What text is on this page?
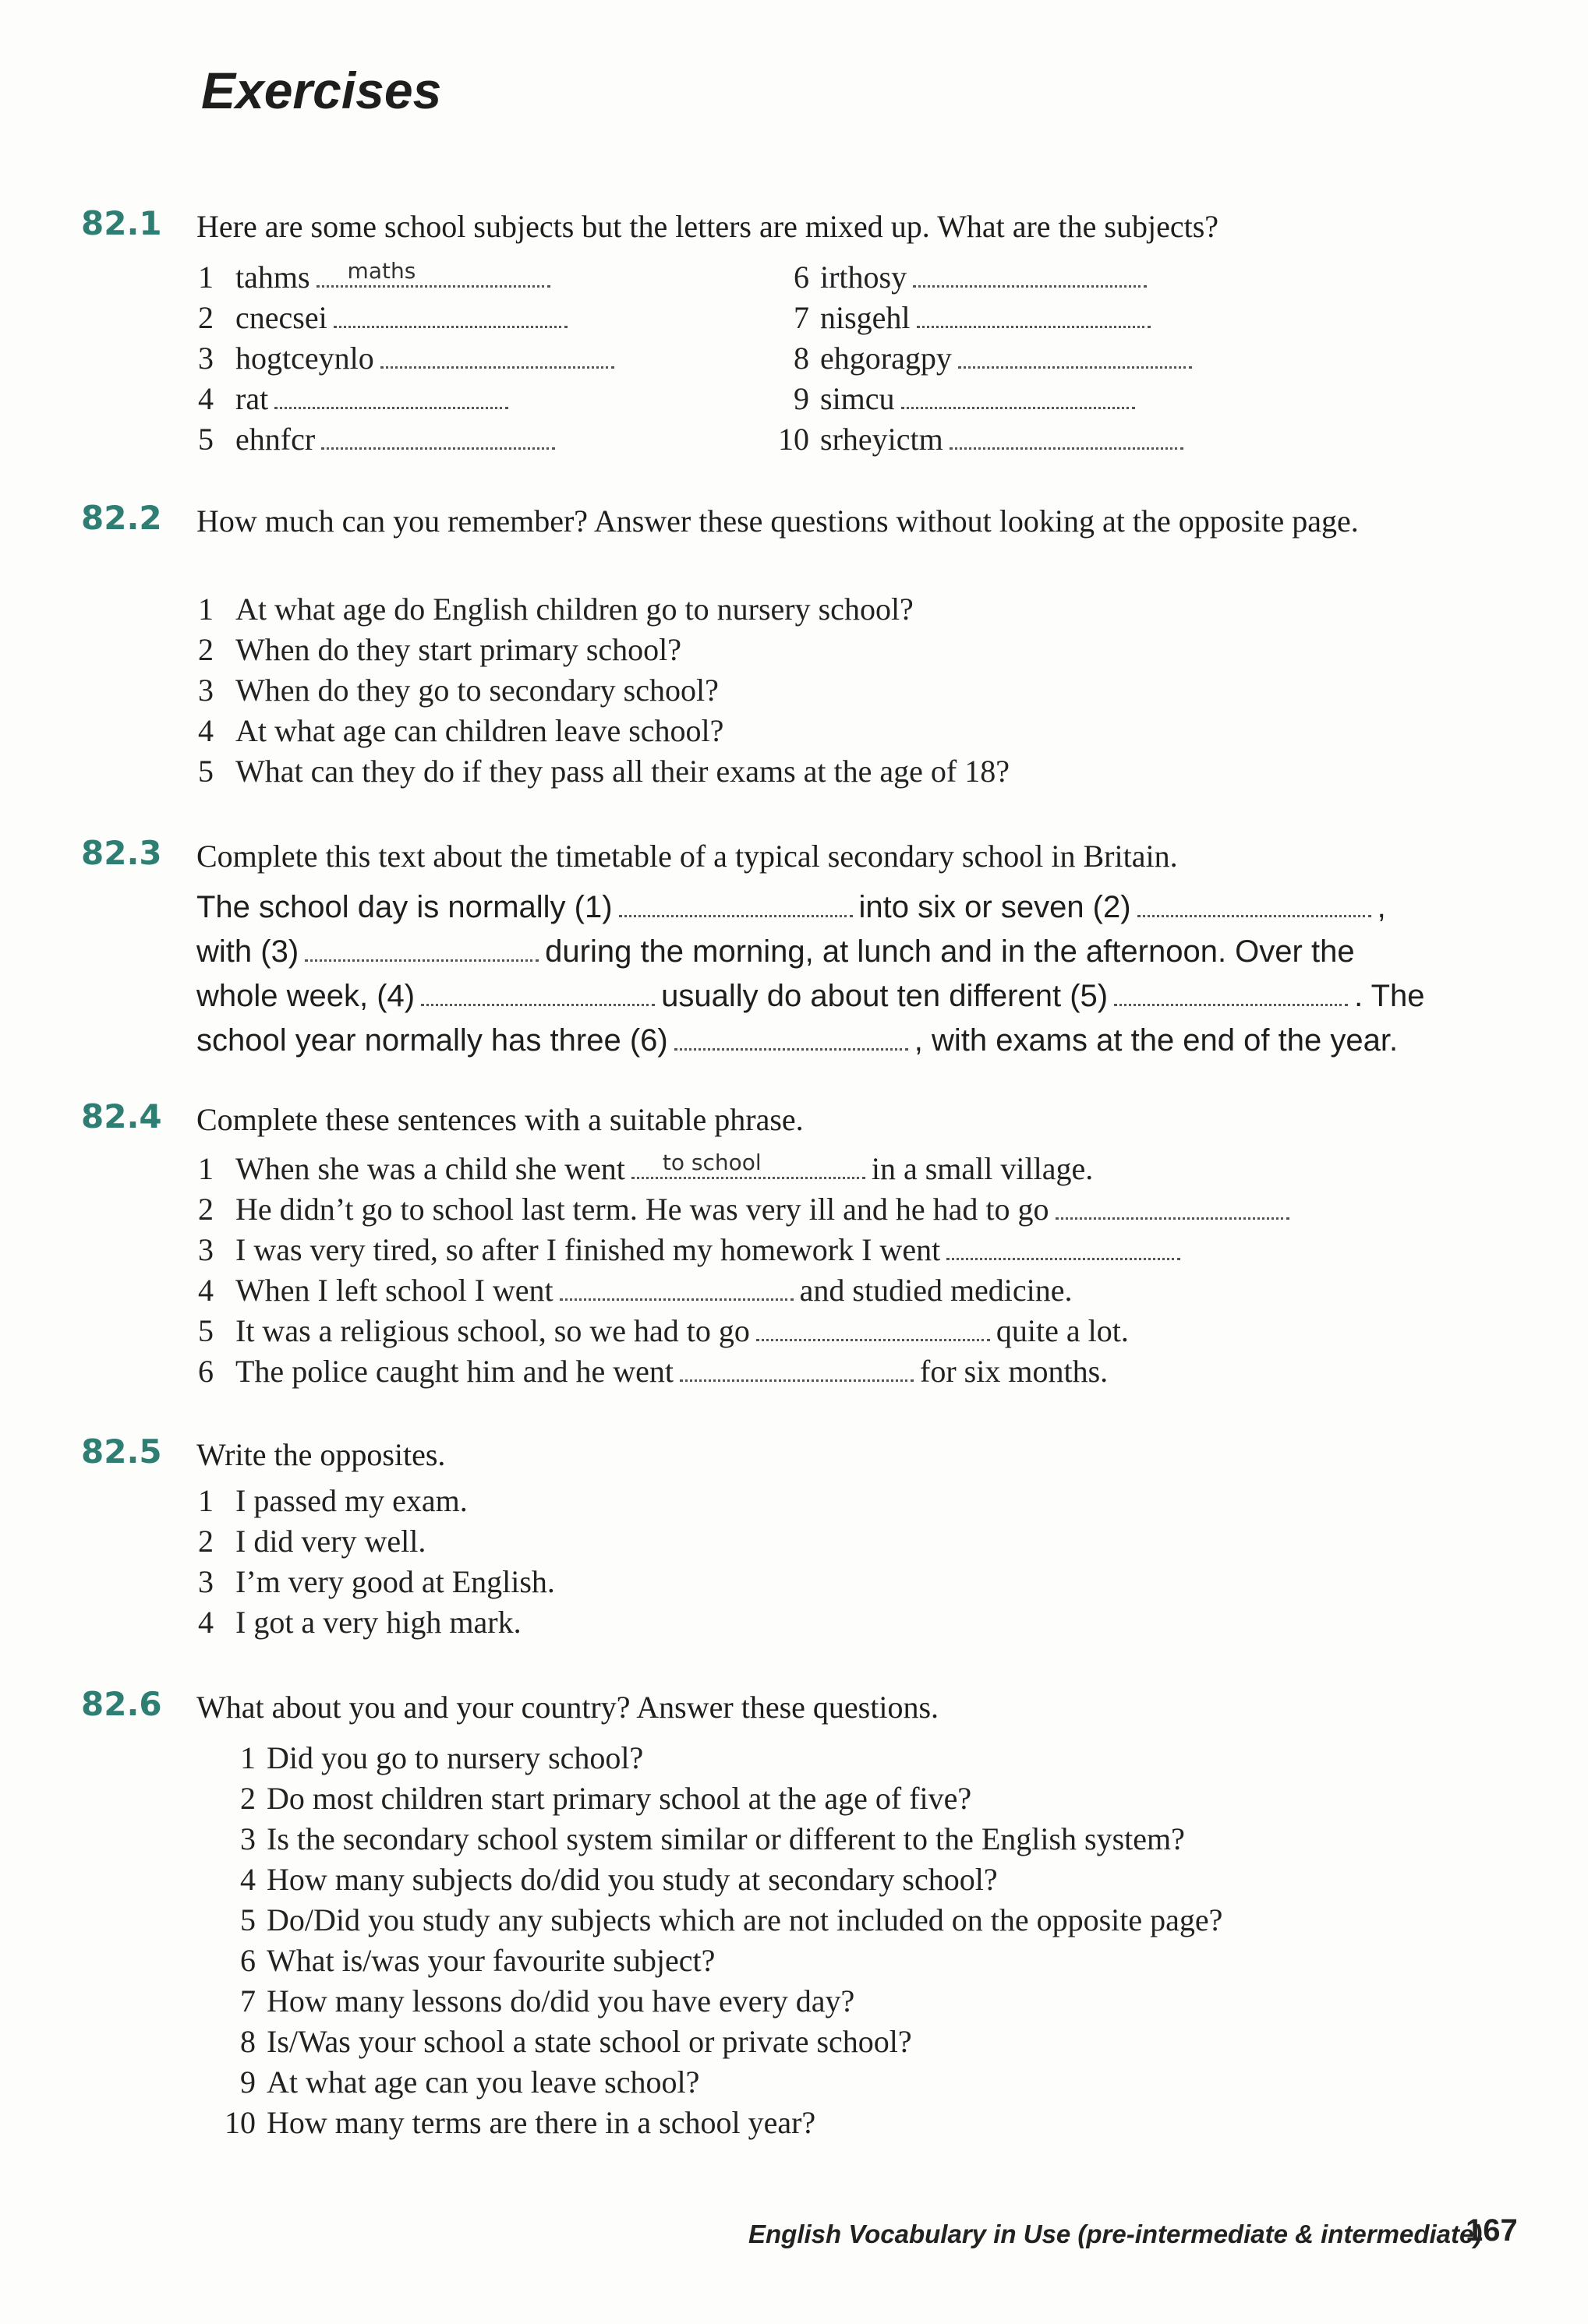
Exercises
82.1 Here are some school subjects but the letters are mixed up. What are the subjects?
1 tahms maths
2 cnecsei
3 hogtceynlo
4 rat
5 ehnfcr
6 irthosy
7 nisgehl
8 ehgoragpy
9 simcu
10 srheyictm
82.2 How much can you remember? Answer these questions without looking at the opposite page.
1 At what age do English children go to nursery school?
2 When do they start primary school?
3 When do they go to secondary school?
4 At what age can children leave school?
5 What can they do if they pass all their exams at the age of 18?
82.3 Complete this text about the timetable of a typical secondary school in Britain.
The school day is normally (1)	into six or seven (2)	,
with (3)	during the morning, at lunch and in the afternoon. Over the
whole week, (4)	usually do about ten different (5)	. The
school year normally has three (6)	, with exams at the end of the year.
82.4 Complete these sentences with a suitable phrase.
1 When she was a child she went to school	in a small village.
2 He didn’t go to school last term. He was very ill and he had to go
3 I was very tired, so after I finished my homework I went
4 When I left school I went	and studied medicine.
5 It was a religious school, so we had to go	quite a lot.
6 The police caught him and he went	for six months.
82.5 Write the opposites.
1 I passed my exam.
2 I did very well.
3 I’m very good at English.
4 I got a very high mark.
82.6 What about you and your country? Answer these questions.
1 Did you go to nursery school?
2 Do most children start primary school at the age of five?
3 Is the secondary school system similar or different to the English system?
4 How many subjects do/did you study at secondary school?
5 Do/Did you study any subjects which are not included on the opposite page?
6 What is/was your favourite subject?
7 How many lessons do/did you have every day?
8 Is/Was your school a state school or private school?
9 At what age can you leave school?
10 How many terms are there in a school year?
English Vocabulary in Use (pre-intermediate & intermediate)
167
